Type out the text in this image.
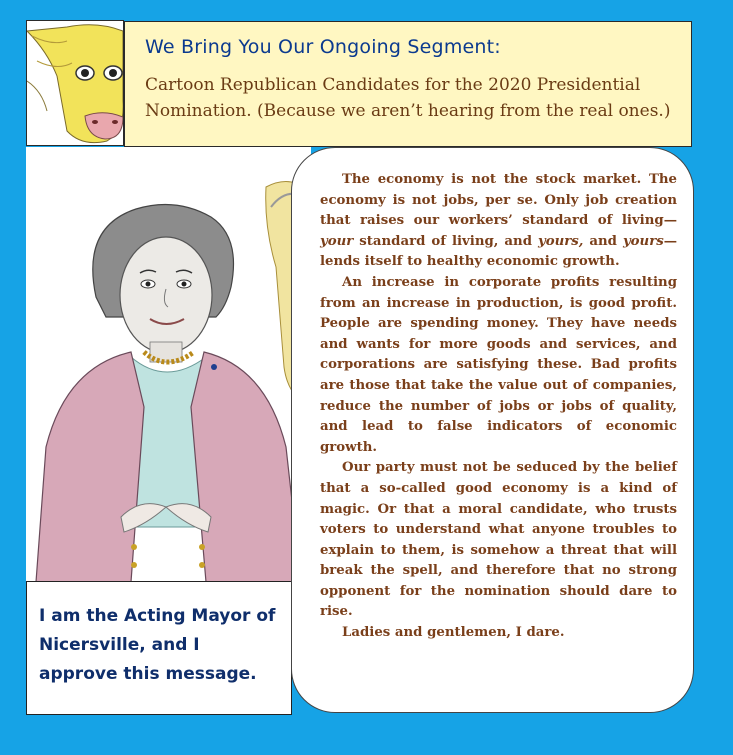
We Bring You Our Ongoing Segment:
Cartoon Republican Candidates for the 2020 Presidential Nomination. (Because we aren’t hearing from the real ones.)
I am the Acting Mayor of Nicersville, and I approve this message.

The economy is not the stock market. The economy is not jobs, per se. Only job creation that raises our workers’ standard of living—your standard of living, and yours, and yours—lends itself to healthy economic growth.

An increase in corporate profits resulting from an increase in production, is good profit. People are spending money. They have needs and wants for more goods and services, and corporations are satisfying these. Bad profits are those that take the value out of companies, reduce the number of jobs or jobs of quality, and lead to false indicators of economic growth.

Our party must not be seduced by the belief that a so-called good economy is a kind of magic. Or that a moral candidate, who trusts voters to understand what anyone troubles to explain to them, is somehow a threat that will break the spell, and therefore that no strong opponent for the nomination should dare to rise.

Ladies and gentlemen, I dare.
